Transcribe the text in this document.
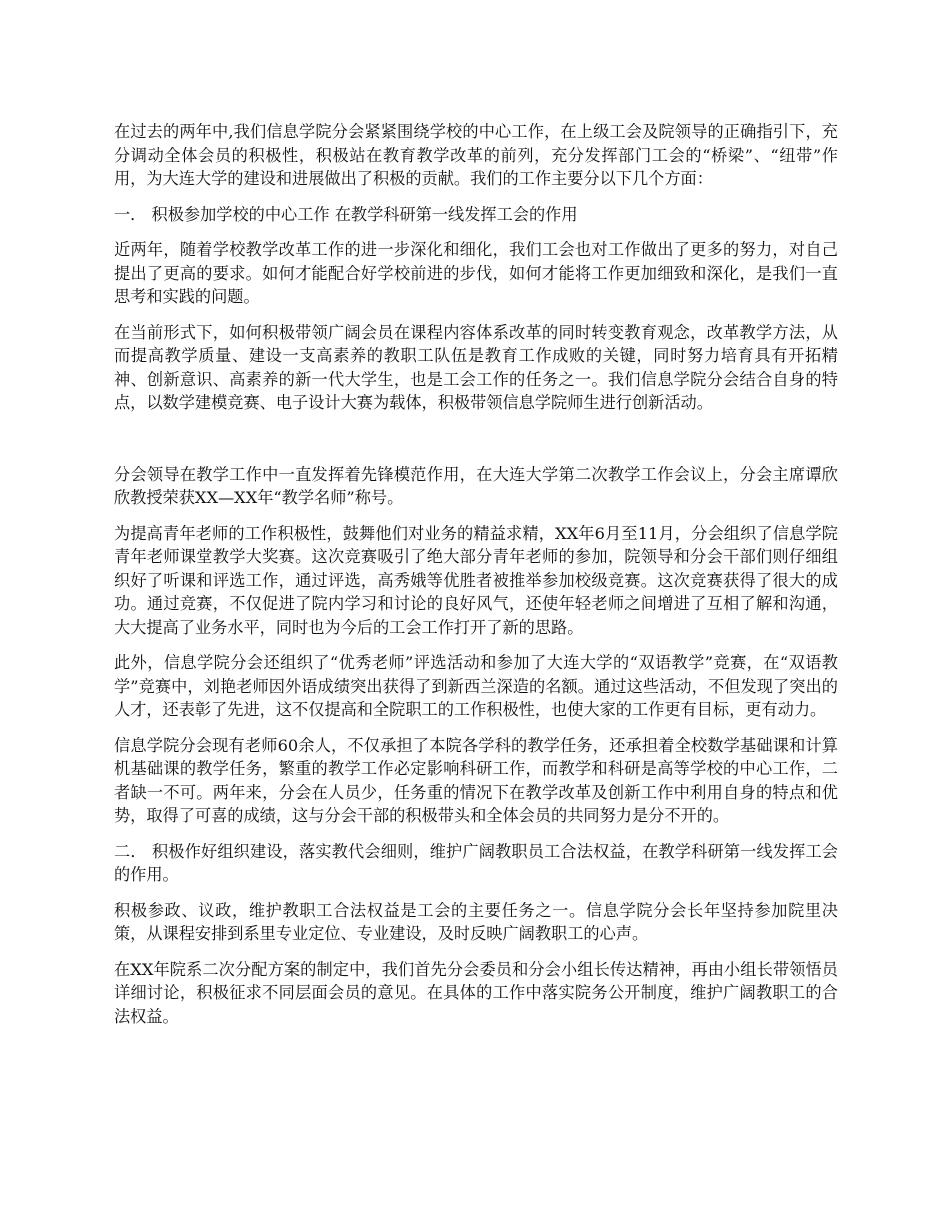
在过去的两年中,我们信息学院分会紧紧围绕学校的中心工作，在上级工会及院领导的正确指引下，充分调动全体会员的积极性，积极站在教育教学改革的前列，充分发挥部门工会的“桥梁”、“纽带”作用，为大连大学的建设和进展做出了积极的贡献。我们的工作主要分以下几个方面：

一． 积极参加学校的中心工作 在教学科研第一线发挥工会的作用

近两年，随着学校教学改革工作的进一步深化和细化，我们工会也对工作做出了更多的努力，对自己提出了更高的要求。如何才能配合好学校前进的步伐，如何才能将工作更加细致和深化，是我们一直思考和实践的问题。

在当前形式下，如何积极带领广阔会员在课程内容体系改革的同时转变教育观念，改革教学方法，从而提高教学质量、建设一支高素养的教职工队伍是教育工作成败的关键，同时努力培育具有开拓精神、创新意识、高素养的新一代大学生，也是工会工作的任务之一。我们信息学院分会结合自身的特点，以数学建模竞赛、电子设计大赛为载体，积极带领信息学院师生进行创新活动。

分会领导在教学工作中一直发挥着先锋模范作用，在大连大学第二次教学工作会议上，分会主席谭欣欣教授荣获XX—XX年“教学名师”称号。

为提高青年老师的工作积极性，鼓舞他们对业务的精益求精，XX年6月至11月，分会组织了信息学院青年老师课堂教学大奖赛。这次竞赛吸引了绝大部分青年老师的参加，院领导和分会干部们则仔细组织好了听课和评选工作，通过评选，高秀娥等优胜者被推举参加校级竞赛。这次竞赛获得了很大的成功。通过竞赛，不仅促进了院内学习和讨论的良好风气，还使年轻老师之间增进了互相了解和沟通，大大提高了业务水平，同时也为今后的工会工作打开了新的思路。

此外，信息学院分会还组织了“优秀老师”评选活动和参加了大连大学的“双语教学”竞赛，在“双语教学”竞赛中，刘艳老师因外语成绩突出获得了到新西兰深造的名额。通过这些活动，不但发现了突出的人才，还表彰了先进，这不仅提高和全院职工的工作积极性，也使大家的工作更有目标，更有动力。

信息学院分会现有老师60余人，不仅承担了本院各学科的教学任务，还承担着全校数学基础课和计算机基础课的教学任务，繁重的教学工作必定影响科研工作，而教学和科研是高等学校的中心工作，二者缺一不可。两年来，分会在人员少，任务重的情况下在教学改革及创新工作中利用自身的特点和优势，取得了可喜的成绩，这与分会干部的积极带头和全体会员的共同努力是分不开的。

二． 积极作好组织建设，落实教代会细则，维护广阔教职员工合法权益，在教学科研第一线发挥工会的作用。

积极参政、议政，维护教职工合法权益是工会的主要任务之一。信息学院分会长年坚持参加院里决策，从课程安排到系里专业定位、专业建设，及时反映广阔教职工的心声。

在XX年院系二次分配方案的制定中，我们首先分会委员和分会小组长传达精神，再由小组长带领悟员详细讨论，积极征求不同层面会员的意见。在具体的工作中落实院务公开制度，维护广阔教职工的合法权益。
